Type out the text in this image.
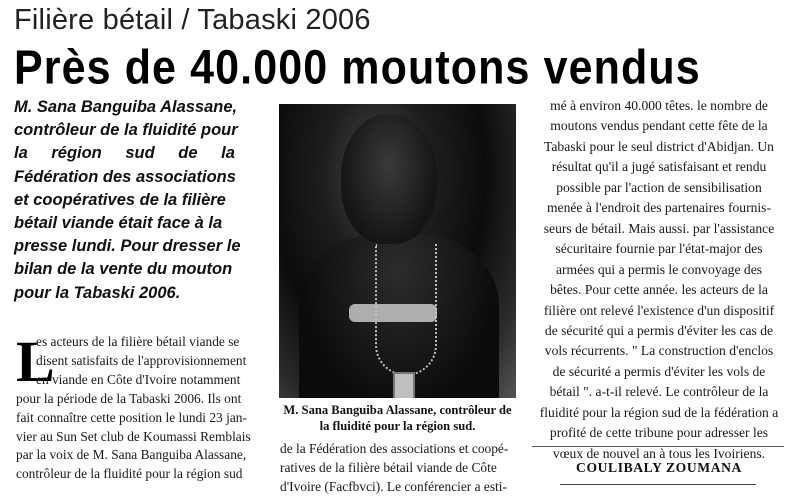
Filière bétail / Tabaski 2006
Près de 40.000 moutons vendus
M. Sana Banguiba Alassane,
contrôleur de la fluidité pour
la région sud de la
Fédération des associations
et coopératives de la filière
bétail viande était face à la
presse lundi. Pour dresser le
bilan de la vente du mouton
pour la Tabaski 2006.
L
es acteurs de la filière bétail viande se
disent satisfaits de l'approvisionnement
en viande en Côte d'Ivoire notamment
pour la période de la Tabaski 2006. Ils ont
fait connaître cette position le lundi 23 jan-
vier au Sun Set club de Koumassi Remblais
par la voix de M. Sana Banguiba Alassane,
contrôleur de la fluidité pour la région sud
M. Sana Banguiba Alassane, contrôleur de la fluidité pour la région sud.
de la Fédération des associations et coopé-
ratives de la filière bétail viande de Côte
d'Ivoire (Facfbvci). Le conférencier a esti-
mé à environ 40.000 têtes. le nombre de
moutons vendus pendant cette fête de la
Tabaski pour le seul district d'Abidjan. Un
résultat qu'il a jugé satisfaisant et rendu
possible par l'action de sensibilisation
menée à l'endroit des partenaires fournis-
seurs de bétail. Mais aussi. par l'assistance
sécuritaire fournie par l'état-major des
armées qui a permis le convoyage des
bêtes. Pour cette année. les acteurs de la
filière ont relevé l'existence d'un dispositif
de sécurité qui a permis d'éviter les cas de
vols récurrents. " La construction d'enclos
de sécurité a permis d'éviter les vols de
bétail ". a-t-il relevé. Le contrôleur de la
fluidité pour la région sud de la fédération a
profité de cette tribune pour adresser les
vœux de nouvel an à tous les Ivoiriens.
COULIBALY ZOUMANA
